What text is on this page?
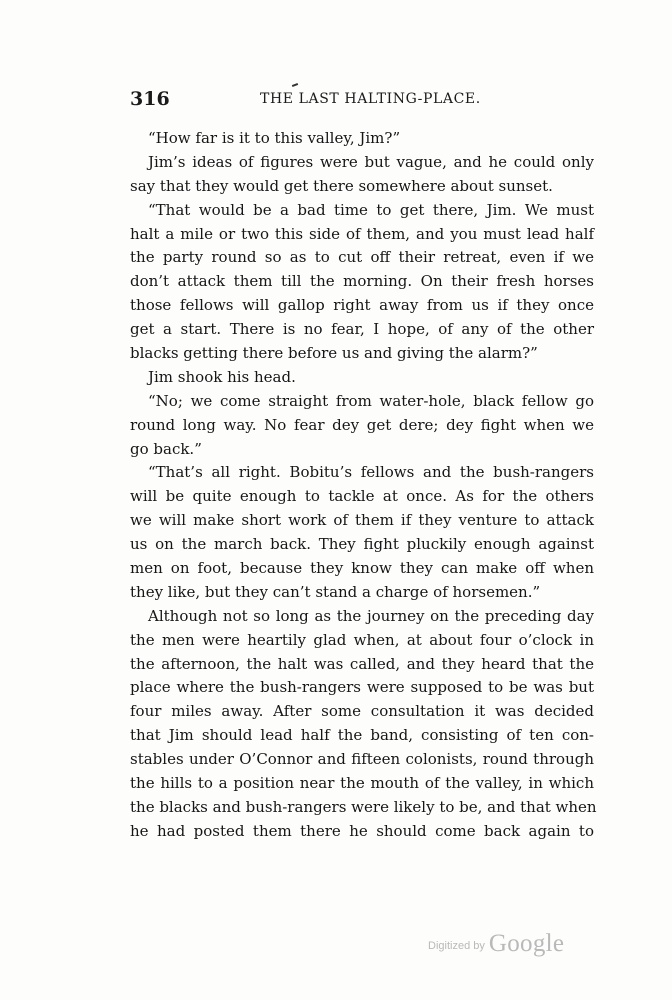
316	THE LAST HALTING-PLACE.
“How far is it to this valley, Jim?”
Jim’s ideas of figures were but vague, and he could only
say that they would get there somewhere about sunset.
“That would be a bad time to get there, Jim. We must
halt a mile or two this side of them, and you must lead half
the party round so as to cut off their retreat, even if we
don’t attack them till the morning. On their fresh horses
those fellows will gallop right away from us if they once
get a start. There is no fear, I hope, of any of the other
blacks getting there before us and giving the alarm?”
Jim shook his head.
“No; we come straight from water-hole, black fellow go
round long way. No fear dey get dere; dey fight when we
go back.”
“That’s all right. Bobitu’s fellows and the bush-rangers
will be quite enough to tackle at once. As for the others
we will make short work of them if they venture to attack
us on the march back. They fight pluckily enough against
men on foot, because they know they can make off when
they like, but they can’t stand a charge of horsemen.”
Although not so long as the journey on the preceding day
the men were heartily glad when, at about four o’clock in
the afternoon, the halt was called, and they heard that the
place where the bush-rangers were supposed to be was but
four miles away. After some consultation it was decided
that Jim should lead half the band, consisting of ten con-
stables under O’Connor and fifteen colonists, round through
the hills to a position near the mouth of the valley, in which
the blacks and bush-rangers were likely to be, and that when
he had posted them there he should come back again to
Digitized by Google
